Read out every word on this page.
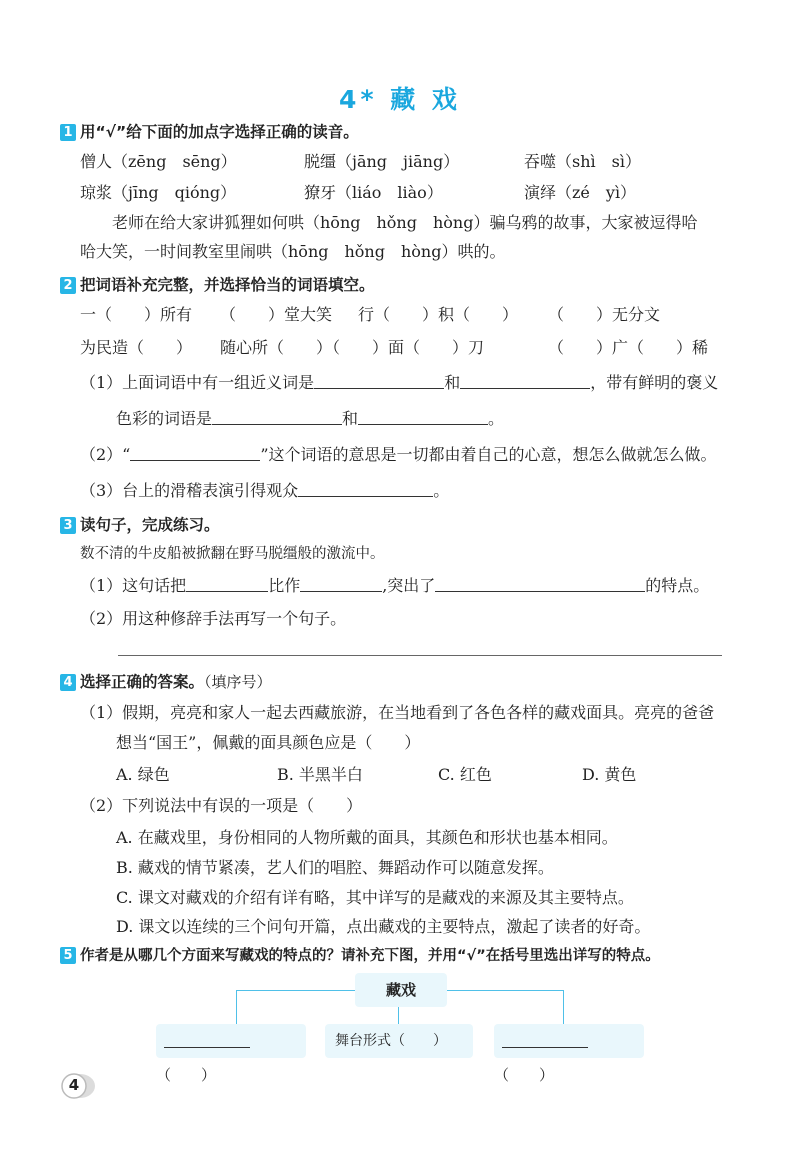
4* 藏 戏
1 用“√”给下面的加点字选择正确的读音。
僧人（zēng　sēng）	脱缰（jāng　jiāng）	吞噬（shì　sì）
琼浆（jīng　qióng）	獠牙（liáo　liào）	演绎（zé　yì）
老师在给大家讲狐狸如何哄（hōng　hǒng　hòng）骗乌鸦的故事，大家被逗得哈
哈大笑，一时间教室里闹哄（hōng　hǒng　hòng）哄的。
2 把词语补充完整，并选择恰当的词语填空。
一（　　）所有 （　　）堂大笑 行（　　）积（　　） （　　）无分文
为民造（　　） 随心所（　　）（　　）面（　　）刀	（　　）广（　　）稀
（1）上面词语中有一组近义词是	和	，带有鲜明的褒义
色彩的词语是	和	。
（2）“	”这个词语的意思是一切都由着自己的心意，想怎么做就怎么做。
（3）台上的滑稽表演引得观众	。
3 读句子，完成练习。
数不清的牛皮船被掀翻在野马脱缰般的激流中。
（1）这句话把	比作	,突出了	的特点。
（2）用这种修辞手法再写一个句子。
4 选择正确的答案。（填序号）
（1）假期，亮亮和家人一起去西藏旅游，在当地看到了各色各样的藏戏面具。亮亮的爸爸
想当“国王”，佩戴的面具颜色应是（　　）
A. 绿色	B. 半黑半白	C. 红色	D. 黄色
（2）下列说法中有误的一项是（　　）
A. 在藏戏里，身份相同的人物所戴的面具，其颜色和形状也基本相同。
B. 藏戏的情节紧凑，艺人们的唱腔、舞蹈动作可以随意发挥。
C. 课文对藏戏的介绍有详有略，其中详写的是藏戏的来源及其主要特点。
D. 课文以连续的三个问句开篇，点出藏戏的主要特点，激起了读者的好奇。
5 作者是从哪几个方面来写藏戏的特点的？请补充下图，并用“√”在括号里选出详写的特点。
藏戏
（　　）
舞台形式（　　）
（　　）
4
